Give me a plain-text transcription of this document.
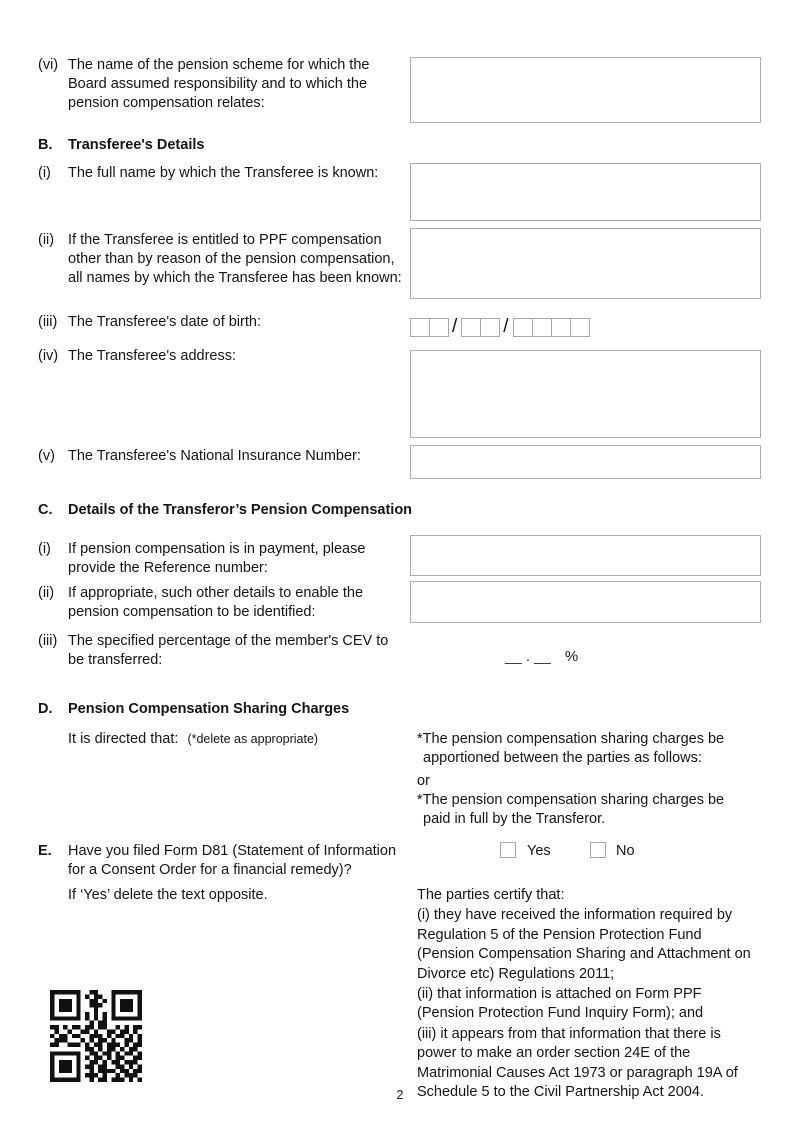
(vi) The name of the pension scheme for which the Board assumed responsibility and to which the pension compensation relates:
B. Transferee's Details
(i) The full name by which the Transferee is known:
(ii) If the Transferee is entitled to PPF compensation other than by reason of the pension compensation, all names by which the Transferee has been known:
(iii) The Transferee's date of birth:	/ /
(iv) The Transferee's address:
(v) The Transferee's National Insurance Number:
C. Details of the Transferor’s Pension Compensation
(i) If pension compensation is in payment, please provide the Reference number:
(ii) If appropriate, such other details to enable the pension compensation to be identified:
(iii) The specified percentage of the member's CEV to be transferred:	__ . __ %
D. Pension Compensation Sharing Charges
It is directed that: (*delete as appropriate)	*The pension compensation sharing charges be
apportioned between the parties as follows:
or
*The pension compensation sharing charges be
paid in full by the Transferor.
E. Have you filed Form D81 (Statement of Information for a Consent Order for a financial remedy)?
Yes	No
If ‘Yes’ delete the text opposite.	The parties certify that:

(i) they have received the information required by Regulation 5 of the Pension Protection Fund (Pension Compensation Sharing and Attachment on Divorce etc) Regulations 2011;

(ii) that information is attached on Form PPF (Pension Protection Fund Inquiry Form); and

(iii) it appears from that information that there is power to make an order section 24E of the Matrimonial Causes Act 1973 or paragraph 19A of Schedule 5 to the Civil Partnership Act 2004.

2
